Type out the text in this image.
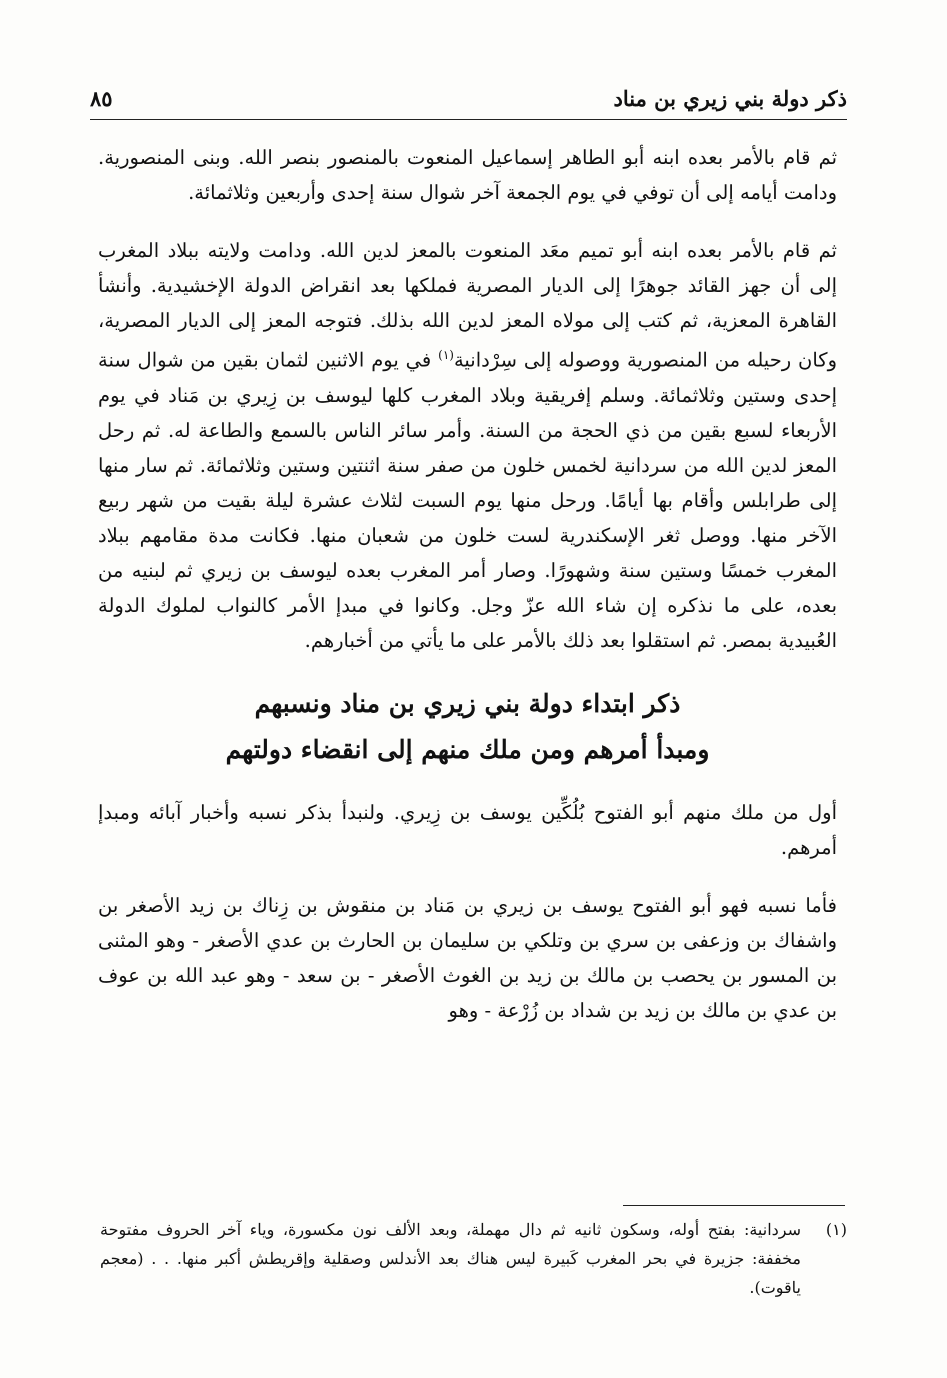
ذكر دولة بني زيري بن مناد
٨٥

ثم قام بالأمر بعده ابنه أبو الطاهر إسماعيل المنعوت بالمنصور بنصر الله. وبنى المنصورية. ودامت أيامه إلى أن توفي في يوم الجمعة آخر شوال سنة إحدى وأربعين وثلاثمائة.

ثم قام بالأمر بعده ابنه أبو تميم معَد المنعوت بالمعز لدين الله. ودامت ولايته ببلاد المغرب إلى أن جهز القائد جوهرًا إلى الديار المصرية فملكها بعد انقراض الدولة الإخشيدية. وأنشأ القاهرة المعزية، ثم كتب إلى مولاه المعز لدين الله بذلك. فتوجه المعز إلى الديار المصرية، وكان رحيله من المنصورية ووصوله إلى سِرْدانية$^{(١)}$ في يوم الاثنين لثمان بقين من شوال سنة إحدى وستين وثلاثمائة. وسلم إفريقية وبلاد المغرب كلها ليوسف بن زِيري بن مَناد في يوم الأربعاء لسبع بقين من ذي الحجة من السنة. وأمر سائر الناس بالسمع والطاعة له. ثم رحل المعز لدين الله من سردانية لخمس خلون من صفر سنة اثنتين وستين وثلاثمائة. ثم سار منها إلى طرابلس وأقام بها أيامًا. ورحل منها يوم السبت لثلاث عشرة ليلة بقيت من شهر ربيع الآخر منها. ووصل ثغر الإسكندرية لست خلون من شعبان منها. فكانت مدة مقامهم ببلاد المغرب خمسًا وستين سنة وشهورًا. وصار أمر المغرب بعده ليوسف بن زيري ثم لبنيه من بعده، على ما نذكره إن شاء الله عزّ وجل. وكانوا في مبدإ الأمر كالنواب لملوك الدولة العُبيدية بمصر. ثم استقلوا بعد ذلك بالأمر على ما يأتي من أخبارهم.

ذكر ابتداء دولة بني زيري بن مناد ونسبهم
ومبدأ أمرهم ومن ملك منهم إلى انقضاء دولتهم

أول من ملك منهم أبو الفتوح بُلُكِّين يوسف بن زِيري. ولنبدأ بذكر نسبه وأخبار آبائه ومبدإ أمرهم.

فأما نسبه فهو أبو الفتوح يوسف بن زيري بن مَناد بن منقوش بن زِناك بن زيد الأصغر بن واشفاك بن وزعفى بن سري بن وتلكي بن سليمان بن الحارث بن عدي الأصغر - وهو المثنى بن المسور بن يحصب بن مالك بن زيد بن الغوث الأصغر - بن سعد - وهو عبد الله بن عوف بن عدي بن مالك بن زيد بن شداد بن زُرْعة - وهو

(١)
سردانية: بفتح أوله، وسكون ثانيه ثم دال مهملة، وبعد الألف نون مكسورة، وياء آخر الحروف مفتوحة مخففة: جزيرة في بحر المغرب كَبيرة ليس هناك بعد الأندلس وصقلية وإقريطش أكبر منها. . . (معجم ياقوت).
